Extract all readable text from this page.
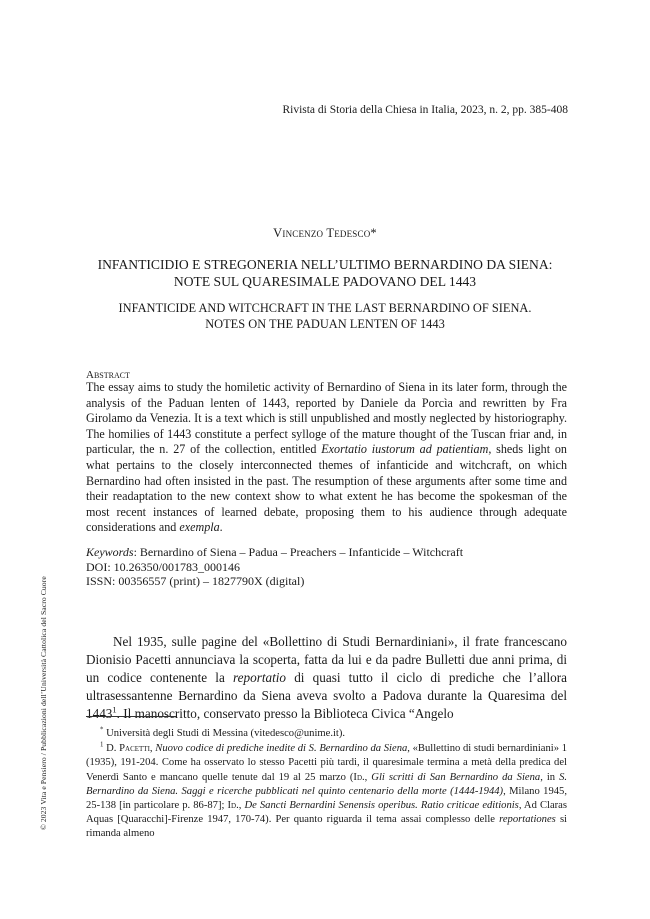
Rivista di Storia della Chiesa in Italia, 2023, n. 2, pp. 385-408
Vincenzo Tedesco*
INFANTICIDIO E STREGONERIA NELL’ULTIMO BERNARDINO DA SIENA:
NOTE SUL QUARESIMALE PADOVANO DEL 1443
INFANTICIDE AND WITCHCRAFT IN THE LAST BERNARDINO OF SIENA.
NOTES ON THE PADUAN LENTEN OF 1443
Abstract
The essay aims to study the homiletic activity of Bernardino of Siena in its later form, through the analysis of the Paduan lenten of 1443, reported by Daniele da Porcìa and rewritten by Fra Girolamo da Venezia. It is a text which is still unpublished and mostly neglected by historiography. The homilies of 1443 constitute a perfect sylloge of the mature thought of the Tuscan friar and, in particular, the n. 27 of the collection, entitled Exortatio iustorum ad patientiam, sheds light on what pertains to the closely interconnected themes of infanticide and witchcraft, on which Bernardino had often insisted in the past. The resumption of these arguments after some time and their readaptation to the new context show to what extent he has become the spokesman of the most recent instances of learned debate, proposing them to his audience through adequate considerations and exempla.
Keywords: Bernardino of Siena – Padua – Preachers – Infanticide – Witchcraft
DOI: 10.26350/001783_000146
ISSN: 00356557 (print) – 1827790X (digital)

Nel 1935, sulle pagine del «Bollettino di Studi Bernardiniani», il frate francescano Dionisio Pacetti annunciava la scoperta, fatta da lui e da padre Bulletti due anni prima, di un codice contenente la reportatio di quasi tutto il ciclo di prediche che l’allora ultrasessantenne Bernardino da Siena aveva svolto a Padova durante la Quaresima del 1443$^1$. Il manoscritto, conservato presso la Biblioteca Civica “Angelo

* Università degli Studi di Messina (vitedesco@unime.it).

$^1$ D. Pacetti, Nuovo codice di prediche inedite di S. Bernardino da Siena, «Bullettino di studi bernardiniani» 1 (1935), 191-204. Come ha osservato lo stesso Pacetti più tardi, il quaresimale termina a metà della predica del Venerdì Santo e mancano quelle tenute dal 19 al 25 marzo (Id., Gli scritti di San Bernardino da Siena, in S. Bernardino da Siena. Saggi e ricerche pubblicati nel quinto centenario della morte (1444-1944), Milano 1945, 25-138 [in particolare p. 86-87]; Id., De Sancti Bernardini Senensis operibus. Ratio criticae editionis, Ad Claras Aquas [Quaracchi]-Firenze 1947, 170-74). Per quanto riguarda il tema assai complesso delle reportationes si rimanda almeno

© 2023 Vita e Pensiero / Pubblicazioni dell’Università Cattolica del Sacro Cuore
